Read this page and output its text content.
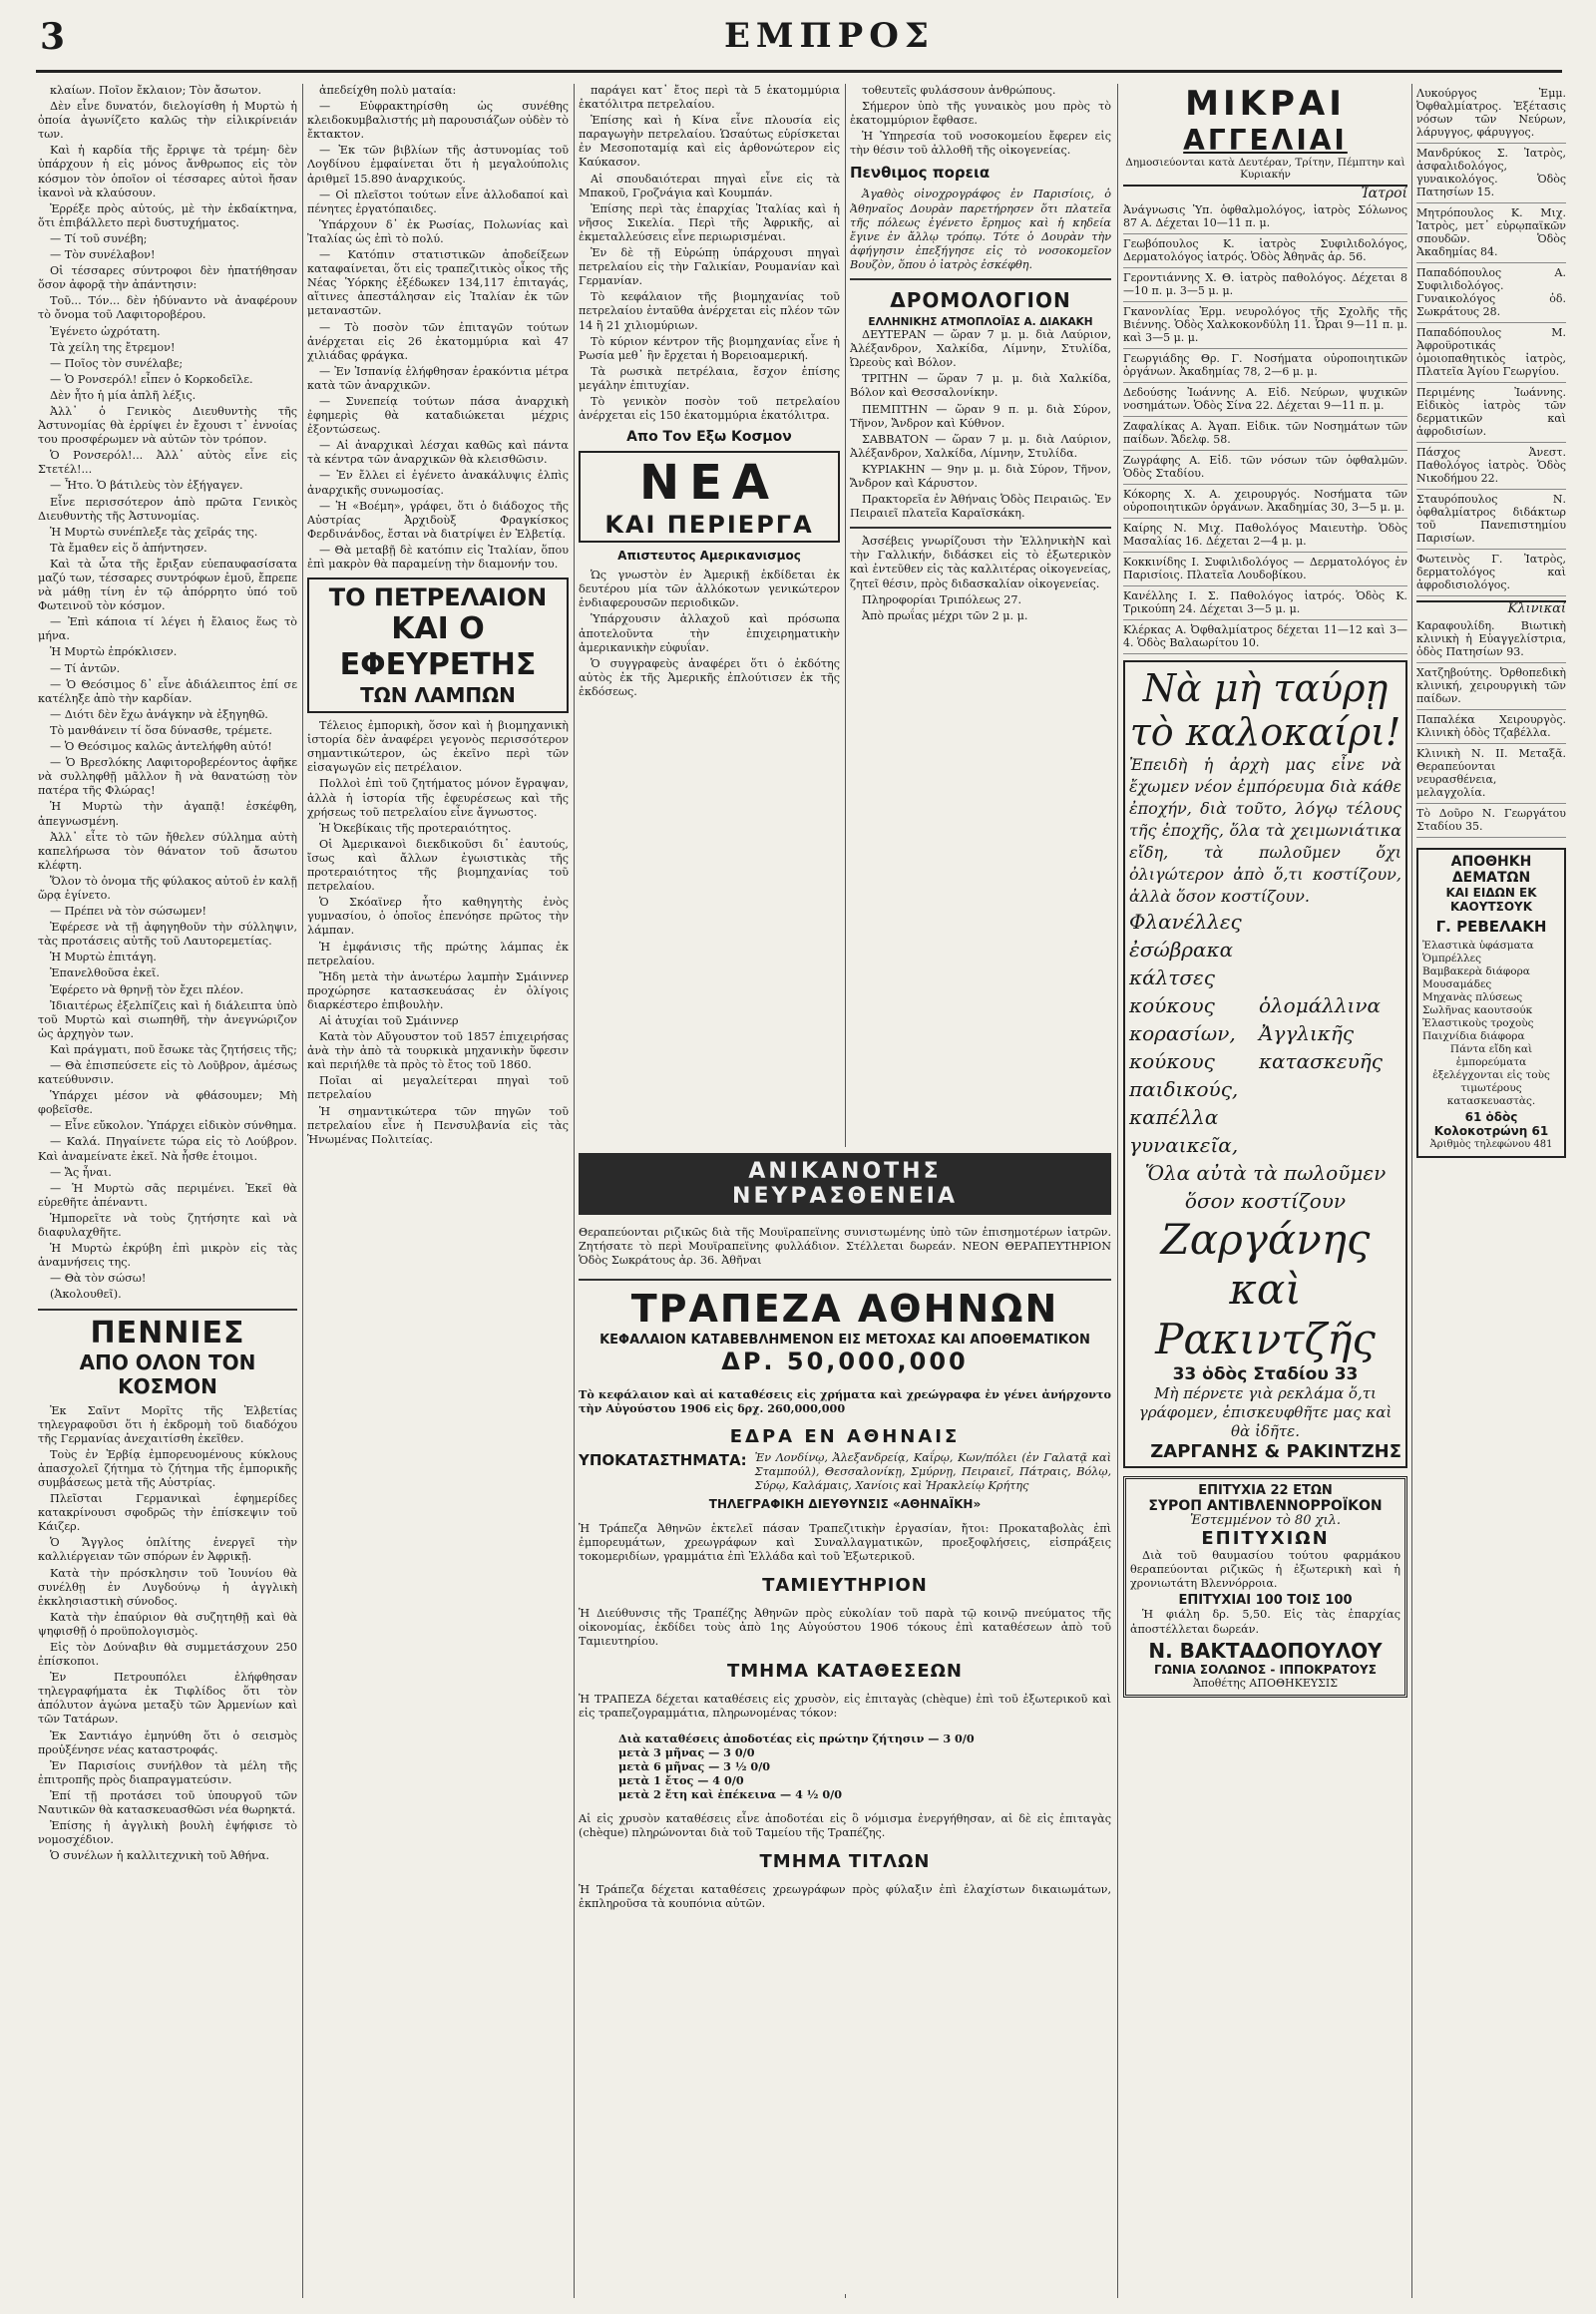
3	ΕΜΠΡΟΣ

κλαίων. Ποῖον ἔκλαιον; Τὸν ἄσωτον.

Δὲν εἶνε δυνατόν, διελογίσθη ἡ Μυρτὼ ἡ ὁποία ἀγωνίζετο καλῶς τὴν εἰλικρίνειάν των.

Καὶ ἡ καρδία τῆς ἔρριψε τὰ τρέμη· δὲν ὑπάρχουν ἡ εἰς μόνος ἄνθρωπος εἰς τὸν κόσμον τὸν ὁποῖον οἱ τέσσαρες αὐτοὶ ἤσαν ἰκανοὶ νὰ κλαύσουν.

Ἐρρέξε πρὸς αὐτούς, μὲ τὴν ἐκδαίκτηνα, ὅτι ἐπιβάλλετο περὶ δυστυχήματος.

— Τί τοῦ συνέβη;

— Τὸν συνέλαβον!

Οἱ τέσσαρες σύντροφοι δὲν ἠπατήθησαν ὅσον ἀφορᾷ τὴν ἀπάντησιν:

Τοῦ... Τόν... δὲν ἠδύναντο νὰ ἀναφέρουν τὸ ὄνομα τοῦ Λαφιτοροβέρου.

Ἐγένετο ὡχρότατη.

Τὰ χείλη της ἔτρεμον!

— Ποῖος τὸν συνέλαβε;

— Ὁ Ρονσερόλ! εἶπεν ὁ Κορκοδεῖλε.

Δὲν ἦτο ἡ μία ἁπλῆ λέξις.

Ἀλλ᾽ ὁ Γενικὸς Διευθυντὴς τῆς Ἀστυνομίας θὰ ἐρρίψει ἐν ἔχουσι τ᾽ ἐννοίας του προσφέρωμεν νὰ αὐτῶν τὸν τρόπον.

Ὁ Ρονσερόλ!... Ἀλλ᾽ αὐτὸς εἶνε εἰς Στετέλ!...

— Ἦτο. Ὁ βάτιλεὺς τὸν ἐξήγαγεν.

Εἶνε περισσότερον ἀπὸ πρῶτα Γενικὸς Διευθυντὴς τῆς Ἀστυνομίας.

Ἡ Μυρτὼ συνέπλεξε τὰς χεῖράς της.

Τὰ ἔμαθεν εἰς ὅ ἀπήντησεν.

Καὶ τὰ ὦτα τῆς ἔριξαν εὐεπαυφασίσατα μαζύ των, τέσσαρες συντρόφων ἐμοῦ, ἔπρεπε νὰ μάθῃ τίνη ἐν τῷ ἀπόρρητο ὑπό τοῦ Φωτεινοῦ τὸν κόσμον.

— Ἐπὶ κάποια τί λέγει ἡ ἔλαιος ἕως τὸ μήνα.

Ἡ Μυρτὼ ἐπρόκλισεν.

— Τί ἀντῶν.

— Ὁ Θεόσιμος δ᾽ εἶνε ἀδιάλειπτος ἐπί σε κατέληξε ἀπὸ τὴν καρδίαν.

— Διότι δὲν ἔχω ἀνάγκην νὰ ἐξηγηθῶ.

Τὸ μανθάνειν τί ὅσα δύνασθε, τρέμετε.

— Ὁ Θεόσιμος καλῶς ἀντελήφθη αὐτό!

— Ὁ Βρεσλόκης Λαφιτοροβερέοντος ἀφῆκε νὰ συλληφθῇ μᾶλλον ἢ νὰ θανατώσῃ τὸν πατέρα τῆς Φλώρας!

Ἡ Μυρτὼ τὴν ἀγαπᾷ! ἐσκέφθη, ἀπεγνωσμένη.

Ἀλλ᾽ εἶτε τὸ τῶν ἤθελεν σύλλημα αὐτὴ καπελήρωσα τὸν θάνατον τοῦ ἄσωτου κλέφτη.

Ὅλον τὸ ὀνομα τῆς φύλακος αὐτοῦ ἐν καλῇ ὥρᾳ ἐγίνετο.

— Πρέπει νὰ τὸν σώσωμεν!

Ἐφέρεσε νὰ τῇ ἀφηγηθοῦν τὴν σύλληψιν, τὰς προτάσεις αὐτῆς τοῦ Λαυτορεμετίας.

Ἡ Μυρτὼ ἐπιτάγη.

Ἐπανελθοῦσα ἐκεῖ.

Ἐφέρετο νὰ θρηνῇ τὸν ἔχει πλέον.

Ἰδιαιτέρως ἐξελπίζεις καὶ ἡ διάλειπτα ὑπὸ τοῦ Μυρτὼ καὶ σιωπηθῆ, τὴν ἀνεγνώριζον ὡς ἀρχηγὸν των.

Καὶ πράγματι, ποῦ ἔσωκε τὰς ζητήσεις τῆς;

— Θὰ ἐπισπεύσετε εἰς τὸ Λοῦβρον, ἀμέσως κατεύθυνσιν.

Ὑπάρχει μέσον νὰ φθάσουμεν; Μὴ φοβεῖσθε.

— Εἶνε εὔκολον. Ὑπάρχει εἰδικὸν σύνθημα.

— Καλά. Πηγαίνετε τώρα εἰς τὸ Λούβρον. Καὶ ἀναμείνατε ἐκεῖ. Νὰ ἦσθε ἑτοιμοι.

— Ἄς ἦναι.

— Ἡ Μυρτὼ σᾶς περιμένει. Ἐκεῖ θὰ εὑρεθῆτε ἀπέναντι.

Ἡμπορεῖτε νὰ τοὺς ζητήσητε καὶ νὰ διαφυλαχθῆτε.

Ἡ Μυρτὼ ἐκρύβη ἐπὶ μικρὸν εἰς τὰς ἀναμνήσεις της.

— Θὰ τὸν σώσω!

(Ἀκολουθεῖ).

ΠΕΝΝΙΕΣ
ΑΠΟ ΟΛΟΝ ΤΟΝ ΚΟΣΜΟΝ

Ἐκ Σαῖντ Μορῖτς τῆς Ἐλβετίας τηλεγραφοῦσι ὅτι ἡ ἐκδρομὴ τοῦ διαδόχου τῆς Γερμανίας ἀνεχαιτίσθη ἐκεῖθεν.

Τοὺς ἐν Ἑρβίᾳ ἐμπορευομένους κύκλους ἀπασχολεῖ ζήτημα τὸ ζήτημα τῆς ἐμπορικῆς συμβάσεως μετὰ τῆς Αὐστρίας.

Πλεῖσται Γερμανικαὶ ἐφημερίδες κατακρίνουσι σφοδρῶς τὴν ἐπίσκεψιν τοῦ Κάιζερ.

Ὁ Ἄγγλος ὁπλίτης ἐνεργεῖ τὴν καλλιέργειαν τῶν σπόρων ἐν Ἀφρικῇ.

Κατὰ τὴν πρόσκλησιν τοῦ Ἰουνίου θὰ συνέλθῃ ἐν Λυγδούνῳ ἡ ἀγγλικὴ ἐκκλησιαστικὴ σύνοδος.

Κατὰ τὴν ἐπαύριον θὰ συζητηθῇ καὶ θὰ ψηφισθῇ ὁ προϋπολογισμὸς.

Εἰς τὸν Δούναβιν θὰ συμμετάσχουν 250 ἐπίσκοποι.

Ἐν Πετρουπόλει ἐλήφθησαν τηλεγραφήματα ἐκ Τιφλίδος ὅτι τὸν ἀπόλυτον ἀγώνα μεταξὺ τῶν Ἀρμενίων καὶ τῶν Τατάρων.

Ἐκ Σαντιάγο ἐμηνύθη ὅτι ὁ σεισμὸς προὐξένησε νέας καταστροφάς.

Ἐν Παρισίοις συνήλθον τὰ μέλη τῆς ἐπιτροπῆς πρὸς διαπραγματεύσιν.

Ἐπί τῇ προτάσει τοῦ ὑπουργοῦ τῶν Ναυτικῶν θὰ κατασκευασθῶσι νέα θωρηκτά.

Ἐπίσης ἡ ἀγγλικὴ βουλὴ ἐψήφισε τὸ νομοσχέδιον.

Ὁ συνέλων ἡ καλλιτεχνικὴ τοῦ Ἀθήνα.

ἀπεδείχθη πολὺ ματαία:

— Εὐφρακτηρίσθη ὡς συνέθης κλειδοκυμβαλιστής μὴ παρουσιάζων οὐδὲν τὸ ἔκτακτον.

— Ἐκ τῶν βιβλίων τῆς ἀστυνομίας τοῦ Λογδίνου ἐμφαίνεται ὅτι ἡ μεγαλούπολις ἀριθμεῖ 15.890 ἀναρχικούς.

— Οἱ πλεῖστοι τούτων εἶνε ἀλλοδαποί καὶ πένητες ἐργατόπαιδες.

Ὑπάρχουν δ᾽ ἐκ Ρωσίας, Πολωνίας καὶ Ἰταλίας ὡς ἐπὶ τὸ πολύ.

— Κατόπιν στατιστικῶν ἀποδείξεων καταφαίνεται, ὅτι εἰς τραπεζιτικὸς οἶκος τῆς Νέας Ὑόρκης ἐξέδωκεν 134,117 ἐπιταγάς, αἵτινες ἀπεστάλησαν εἰς Ἰταλίαν ἐκ τῶν μεταναστῶν.

— Τὸ ποσὸν τῶν ἐπιταγῶν τούτων ἀνέρχεται εἰς 26 ἑκατομμύρια καὶ 47 χιλιάδας φράγκα.

— Ἐν Ἱσπανίᾳ ἐλήφθησαν ἐρακόντια μέτρα κατὰ τῶν ἀναρχικῶν.

— Συνεπείᾳ τούτων πάσα ἀναρχικὴ ἐφημερὶς θὰ καταδιώκεται μέχρις ἐξοντώσεως.

— Αἱ ἀναρχικαὶ λέσχαι καθῶς καὶ πάντα τὰ κέντρα τῶν ἀναρχικῶν θὰ κλεισθῶσιν.

— Ἐν ἔλλει εἰ ἐγένετο ἀνακάλυψις ἐλπὶς ἀναρχικῆς συνωμοσίας.

— Ἡ «Βοέμη», γράφει, ὅτι ὁ διάδοχος τῆς Αὐστρίας Ἀρχιδοὺξ Φραγκίσκος Φερδινάνδος, ἔσται νὰ διατρίψει ἐν Ἑλβετίᾳ.

— Θὰ μεταβῇ δὲ κατόπιν εἰς Ἰταλίαν, ὅπου ἐπὶ μακρὸν θὰ παραμείνῃ τὴν διαμονήν του.

ΤΟ ΠΕΤΡΕΛΑΙΟΝ
ΚΑΙ Ο ΕΦΕΥΡΕΤΗΣ
ΤΩΝ ΛΑΜΠΩΝ

Τέλειος ἐμπορικὴ, ὅσον καὶ ἡ βιομηχανικὴ ἱστορία δὲν ἀναφέρει γεγονὸς περισσότερον σημαντικώτερον, ὡς ἐκεῖνο περὶ τῶν εἰσαγωγῶν εἰς πετρέλαιον.

Πολλοὶ ἐπὶ τοῦ ζητήματος μόνον ἔγραψαν, ἀλλὰ ἡ ἱστορία τῆς ἐφευρέσεως καὶ τῆς χρήσεως τοῦ πετρελαίου εἶνε ἄγνωστος.

Ἡ Ὀκεβίκαις τῆς προτεραιότητος.

Οἱ Ἀμερικανοὶ διεκδικοῦσι δι᾽ ἑαυτούς, ἴσως καὶ ἄλλων ἐγωιστικὰς τῆς προτεραιότητος τῆς βιομηχανίας τοῦ πετρελαίου.

Ὁ Σκόαϊνερ ἦτο καθηγητὴς ἐνὸς γυμνασίου, ὁ ὁποῖος ἐπενόησε πρῶτος τὴν λάμπαν.

Ἡ ἐμφάνισις τῆς πρώτης λάμπας ἐκ πετρελαίου.

Ἤδη μετὰ τὴν ἀνωτέρω λαμπὴν Σμάιννερ προχώρησε κατασκευάσας ἐν ὀλίγοις διαρκέστερο ἐπιβουλὴν.

Αἱ ἀτυχίαι τοῦ Σμάιννερ

Κατὰ τὸν Αὔγουστον τοῦ 1857 ἐπιχειρήσας ἀνὰ τὴν ἀπὸ τὰ τουρκικὰ μηχανικὴν ὕφεσιν καὶ περιήλθε τὰ πρὸς τὸ ἔτος τοῦ 1860.

Ποῖαι αἱ μεγαλείτεραι πηγαὶ τοῦ πετρελαίου

Ἡ σημαντικώτερα τῶν πηγῶν τοῦ πετρελαίου εἶνε ἡ Πενσυλβανία εἰς τὰς Ἡνωμένας Πολιτείας.

παράγει κατ᾽ ἔτος περὶ τὰ 5 ἑκατομμύρια ἑκατόλιτρα πετρελαίου.

Ἐπίσης καὶ ἡ Κίνα εἶνε πλουσία εἰς παραγωγὴν πετρελαίου. Ὡσαύτως εὑρίσκεται ἐν Μεσοποταμίᾳ καὶ εἰς ἀρθονώτερον εἰς Καύκασον.

Αἱ σπουδαιότεραι πηγαὶ εἶνε εἰς τὰ Μπακοῦ, Γροζνάγια καὶ Κουμπάν.

Ἐπίσης περὶ τὰς ἐπαρχίας Ἰταλίας καὶ ἡ νῆσος Σικελία. Περὶ τῆς Ἀφρικῆς, αἱ ἐκμεταλλεύσεις εἶνε περιωρισμέναι.

Ἐν δὲ τῇ Εὐρώπῃ ὑπάρχουσι πηγαὶ πετρελαίου εἰς τὴν Γαλικίαν, Ρουμανίαν καὶ Γερμανίαν.

Τὸ κεφάλαιον τῆς βιομηχανίας τοῦ πετρελαίου ἐνταῦθα ἀνέρχεται εἰς πλέον τῶν 14 ἢ 21 χιλιομύριων.

Τὸ κύριον κέντρον τῆς βιομηχανίας εἶνε ἡ Ρωσία μεθ᾽ ἣν ἔρχεται ἡ Βορειοαμερική.

Τὰ ρωσικὰ πετρέλαια, ἔσχον ἐπίσης μεγάλην ἐπιτυχίαν.

Τὸ γενικὸν ποσὸν τοῦ πετρελαίου ἀνέρχεται εἰς 150 ἑκατομμύρια ἑκατόλιτρα.

Απο Τον Εξω Κοσμον
ΝΕΑ
ΚΑΙ ΠΕΡΙΕΡΓΑ
Απιστευτος Αμερικανισμος

Ὡς γνωστὸν ἐν Ἀμερικῇ ἐκδίδεται ἐκ δευτέρου μία τῶν ἀλλόκοτων γενικώτερον ἐνδιαφερουσῶν περιοδικῶν.

Ὑπάρχουσιν ἀλλαχοῦ καὶ πρόσωπα ἀποτελοῦντα τὴν ἐπιχειρηματικὴν ἀμερικανικὴν εὐφυΐαν.

Ὁ συγγραφεὺς ἀναφέρει ὅτι ὁ ἐκδότης αὐτὸς ἐκ τῆς Ἀμερικῆς ἐπλούτισεν ἐκ τῆς ἐκδόσεως.

τοθευτεῖς φυλάσσουν ἀνθρώπους.

Σήμερον ὑπὸ τῆς γυναικὸς μου πρὸς τὸ ἑκατομμύριον ἔφθασε.

Ἡ Ὑπηρεσία τοῦ νοσοκομείου ἔφερεν εἰς τὴν θέσιν τοῦ ἀλλοθῆ τῆς οἰκογενείας.

Πενθιμος πορεια

Ἀγαθὸς οἰνοχρογράφος ἐν Παρισίοις, ὁ Ἀθηναῖος Δουρὰν παρετήρησεν ὅτι πλατεῖα τῆς πόλεως ἐγένετο ἔρημος καὶ ἡ κηδεία ἔγινε ἐν ἄλλῳ τρόπῳ. Τότε ὁ Δουρὰν τὴν ἀφήγησιν ἐπεξήγησε εἰς τὸ νοσοκομεῖον Βουζὸν, ὅπου ὁ ἰατρὸς ἐσκέφθη.

ΔΡΟΜΟΛΟΓΙΟΝ
ΕΛΛΗΝΙΚΗΣ ΑΤΜΟΠΛΟΪΑΣ Α. ΔΙΑΚΑΚΗ

ΔΕΥΤΕΡΑΝ — ὥραν 7 μ. μ. διὰ Λαύριον, Ἀλέξανδρον, Χαλκίδα, Λίμνην, Στυλίδα, Ὠρεοὺς καὶ Βόλον.

ΤΡΙΤΗΝ — ὥραν 7 μ. μ. διὰ Χαλκίδα, Βόλον καὶ Θεσσαλονίκην.

ΠΕΜΠΤΗΝ — ὥραν 9 π. μ. διὰ Σύρον, Τῆνον, Ἄνδρον καὶ Κύθνον.

ΣΑΒΒΑΤΟΝ — ὥραν 7 μ. μ. διὰ Λαύριον, Ἀλέξανδρον, Χαλκίδα, Λίμνην, Στυλίδα.

ΚΥΡΙΑΚΗΝ — 9ην μ. μ. διὰ Σύρον, Τῆνον, Ἄνδρον καὶ Κάρυστον.

Πρακτορεῖα ἐν Ἀθήναις Ὁδὸς Πειραιῶς. Ἐν Πειραιεῖ πλατεῖα Καραϊσκάκη.

Ἀσσέβεις γνωρίζουσι τὴν ἙλληνικὴΝ καὶ τὴν Γαλλικήν, διδάσκει εἰς τὸ ἐξωτερικὸν καὶ ἐντεῦθεν εἰς τὰς καλλιτέρας οἰκογενείας, ζητεῖ θέσιν, πρὸς διδασκαλίαν οἰκογενείας.

Πληροφορίαι Τριπόλεως 27.

Ἀπὸ πρωΐας μέχρι τῶν 2 μ. μ.

ΑΝΙΚΑΝΟΤΗΣ
ΝΕΥΡΑΣΘΕΝΕΙΑ

Θεραπεύονται ριζικῶς διὰ τῆς Μουϊραπεϊνης συνιστωμένης ὑπὸ τῶν ἐπισημοτέρων ἰατρῶν. Ζητήσατε τὸ περὶ Μουϊραπεϊνης φυλλάδιον. Στέλλεται δωρεάν. ΝΕΟΝ ΘΕΡΑΠΕΥΤΗΡΙΟΝ Ὁδὸς Σωκράτους ἀρ. 36. Ἀθῆναι

ΤΡΑΠΕΖΑ ΑΘΗΝΩΝ
ΚΕΦΑΛΑΙΟΝ ΚΑΤΑΒΕΒΛΗΜΕΝΟΝ ΕΙΣ ΜΕΤΟΧΑΣ ΚΑΙ ΑΠΟΘΕΜΑΤΙΚΟΝ
ΔΡ. 50,000,000

Τὸ κεφάλαιον καὶ αἱ καταθέσεις εἰς χρήματα καὶ χρεώγραφα ἐν γένει ἀνήρχοντο τὴν Αὐγούστου 1906 εἰς δρχ. 260,000,000

ΕΔΡΑ ΕΝ ΑΘΗΝΑΙΣ
ΥΠΟΚΑΤΑΣΤΗΜΑΤΑ: Ἐν Λονδίνῳ, Ἀλεξανδρείᾳ, Καΐρῳ, Κων/πόλει (ἐν Γαλατᾷ καὶ Σταμπούλ), Θεσσαλονίκῃ, Σμύρνῃ, Πειραιεῖ, Πάτραις, Βόλῳ, Σύρῳ, Καλάμαις, Χανίοις καὶ Ἡρακλείῳ Κρήτης
ΤΗΛΕΓΡΑΦΙΚΗ ΔΙΕΥΘΥΝΣΙΣ «ΑΘΗΝΑΪΚΗ»

Ἡ Τράπεζα Ἀθηνῶν ἐκτελεῖ πάσαν Τραπεζιτικὴν ἐργασίαν, ἤτοι: Προκαταβολὰς ἐπὶ ἐμπορευμάτων, χρεωγράφων καὶ Συναλλαγματικῶν, προεξοφλήσεις, εἰσπράξεις τοκομεριδίων, γραμμάτια ἐπὶ Ἑλλάδα καὶ τοῦ Ἐξωτερικοῦ.

ΤΑΜΙΕΥΤΗΡΙΟΝ

Ἡ Διεύθυνσις τῆς Τραπέζης Ἀθηνῶν πρὸς εὐκολίαν τοῦ παρὰ τῷ κοινῷ πνεύματος τῆς οἰκονομίας, ἐκδίδει τοὺς ἀπὸ 1ης Αὐγούστου 1906 τόκους ἐπὶ καταθέσεων ἀπὸ τοῦ Ταμιευτηρίου.

ΤΜΗΜΑ ΚΑΤΑΘΕΣΕΩΝ

Ἡ ΤΡΑΠΕΖΑ δέχεται καταθέσεις εἰς χρυσὸν, εἰς ἐπιταγὰς (chèque) ἐπὶ τοῦ ἐξωτερικοῦ καὶ εἰς τραπεζογραμμάτια, πληρωνομένας τόκον:

Διὰ καταθέσεις ἀποδοτέας εἰς πρώτην ζήτησιν — 3 0/0
μετὰ 3 μῆνας — 3 0/0
μετὰ 6 μῆνας — 3 ½ 0/0
μετὰ 1 ἔτος — 4 0/0
μετὰ 2 ἔτη καὶ ἐπέκεινα — 4 ½ 0/0

Αἱ εἰς χρυσὸν καταθέσεις εἶνε ἀποδοτέαι εἰς ὃ νόμισμα ἐνεργήθησαν, αἱ δὲ εἰς ἐπιταγὰς (chèque) πληρώνονται διὰ τοῦ Ταμείου τῆς Τραπέζης.

ΤΜΗΜΑ ΤΙΤΛΩΝ

Ἡ Τράπεζα δέχεται καταθέσεις χρεωγράφων πρὸς φύλαξιν ἐπὶ ἐλαχίστων δικαιωμάτων, ἐκπληροῦσα τὰ κουπόνια αὐτῶν.

ΜΙΚΡΑΙ
ΑΓΓΕΛΙΑΙ
Δημοσιεύονται κατὰ Δευτέραν, Τρίτην, Πέμπτην καὶ Κυριακήν
Ἰατροί
Ἀνάγνωσις Ὑπ. ὀφθαλμολόγος, ἰατρὸς Σόλωνος 87 Α. Δέχεται 10—11 π. μ.
Γεωβόπουλος Κ. ἰατρὸς Συφιλιδολόγος, Δερματολόγος ἰατρός. Ὁδὸς Ἀθηνᾶς ἀρ. 56.
Γεροντιάννης Χ. Θ. ἰατρὸς παθολόγος. Δέχεται 8—10 π. μ. 3—5 μ. μ.
Γκανονλίας Ἑρμ. νευρολόγος τῆς Σχολῆς τῆς Βιέννης. Ὁδὸς Χαλκοκονδύλη 11. Ὧραι 9—11 π. μ. καὶ 3—5 μ. μ.
Γεωργιάδης Θρ. Γ. Νοσήματα οὐροποιητικῶν ὀργάνων. Ἀκαδημίας 78, 2—6 μ. μ.
Δεδούσης Ἰωάννης Α. Εἰδ. Νεύρων, ψυχικῶν νοσημάτων. Ὁδὸς Σίνα 22. Δέχεται 9—11 π. μ.
Ζαφαλίκας Α. Ἀγαπ. Εἰδικ. τῶν Νοσημάτων τῶν παίδων. Ἄδελφ. 58.
Ζωγράφης Α. Εἰδ. τῶν νόσων τῶν ὀφθαλμῶν. Ὁδὸς Σταδίου.
Κόκορης Χ. Α. χειρουργός. Νοσήματα τῶν οὐροποιητικῶν ὀργάνων. Ἀκαδημίας 30, 3—5 μ. μ.
Καίρης Ν. Μιχ. Παθολόγος Μαιευτὴρ. Ὁδὸς Μασαλίας 16. Δέχεται 2—4 μ. μ.
Κοκκινίδης Ι. Συφιλιδολόγος — Δερματολόγος ἐν Παρισίοις. Πλατεῖα Λουδοβίκου.
Κανέλλης Ι. Σ. Παθολόγος ἰατρός. Ὁδὸς Κ. Τρικούπη 24. Δέχεται 3—5 μ. μ.
Κλέρκας Α. Ὀφθαλμίατρος δέχεται 11—12 καὶ 3—4. Ὁδὸς Βαλαωρίτου 10.
Νὰ μὴ ταύρῃ τὸ καλοκαίρι!
Ἐπειδὴ ἡ ἀρχὴ μας εἶνε νὰ ἔχωμεν νέον ἐμπόρευμα διὰ κάθε ἐποχήν, διὰ τοῦτο, λόγῳ τέλους τῆς ἐποχῆς, ὅλα τὰ χειμωνιάτικα εἴδη, τὰ πωλοῦμεν ὄχι ὀλιγώτερον ἀπὸ ὅ,τι κοστίζουν, ἀλλὰ ὅσον κοστίζουν.
Φλανέλλες
ἐσώβρακα
κάλτσες
κούκους κορασίων,
κούκους παιδικούς,
καπέλλα γυναικεῖα,
ὁλομάλλινα
Ἀγγλικῆς κατασκευῆς
Ὅλα αὐτὰ τὰ πωλοῦμεν ὅσον κοστίζουν
Ζαργάνης καὶ Ρακιντζῆς
33 ὁδὸς Σταδίου 33
Μὴ πέρνετε γιὰ ρεκλάμα ὅ,τι γράφομεν, ἐπισκευφθῆτε μας καὶ θὰ ἰδῆτε.
ΖΑΡΓΑΝΗΣ & ΡΑΚΙΝΤΖΗΣ
ΕΠΙΤΥΧΙΑ 22 ΕΤΩΝ
ΣΥΡΟΠ ΑΝΤΙΒΛΕΝΝΟΡΡΟΪΚΟΝ
Ἐστεμμένον τὸ 80 χιλ.
ΕΠΙΤΥΧΙΩΝ

Διὰ τοῦ θαυμασίου τούτου φαρμάκου θεραπεύονται ριζικῶς ἡ ἐξωτερικὴ καὶ ἡ χρονιωτάτη Βλεννόρροια.

ΕΠΙΤΥΧΙΑΙ 100 ΤΟΙΣ 100

Ἡ φιάλη δρ. 5,50. Εἰς τὰς ἐπαρχίας ἀποστέλλεται δωρεάν.

Ν. ΒΑΚΤΑΔΟΠΟΥΛΟΥ
ΓΩΝΙΑ ΣΟΛΩΝΟΣ - ΙΠΠΟΚΡΑΤΟΥΣ
Ἀποθέτης ΑΠΟΘΗΚΕΥΣΙΣ
Λυκούργος Ἐμμ. Ὀφθαλμίατρος. Ἐξέτασις νόσων τῶν Νεύρων, λάρυγγος, φάρυγγος.
Μανδρύκος Σ. Ἰατρὸς, ἀσφαλιδολόγος, γυναικολόγος. Ὁδὸς Πατησίων 15.
Μητρόπουλος Κ. Μιχ. Ἰατρὸς, μετ᾽ εὐρῳπαϊκῶν σπουδῶν. Ὁδὸς Ἀκαδημίας 84.
Παπαδόπουλος Α. Συφιλιδολόγος. Γυναικολόγος ὁδ. Σωκράτους 28.
Παπαδόπουλος Μ. Ἀφροϋροτικάς ὁμοιοπαθητικὸς ἰατρὸς, Πλατεῖα Ἁγίου Γεωργίου.
Περιμένης Ἰωάννης. Εἰδικὸς ἰατρὸς τῶν δερματικῶν καὶ ἀφροδισίων.
Πάσχος Ἀνεστ. Παθολόγος ἰατρὸς. Ὁδὸς Νικοδήμου 22.
Σταυρόπουλος Ν. ὀφθαλμίατρος διδάκτωρ τοῦ Πανεπιστημίου Παρισίων.
Φωτεινὸς Γ. Ἰατρὸς, δερματολόγος καὶ ἀφροδισιολόγος.
Κλινικαί
Καραφουλίδη. Βιωτικὴ κλινικὴ ἡ Εὐαγγελίστρια, ὁδὸς Πατησίων 93.
Χατζηβούτης. Ὀρθοπεδικὴ κλινική, χειρουργικὴ τῶν παίδων.
Παπαλέκα Χειρουργὸς. Κλινικὴ ὁδὸς Τζαβέλλα.
Κλινικὴ Ν. ΙΙ. Μεταξᾶ. Θεραπεύονται νευρασθένεια, μελαγχολία.
Τὸ Δοῦρο Ν. Γεωργάτου Σταδίου 35.
ΑΠΟΘΗΚΗ ΔΕΜΑΤΩΝ
ΚΑΙ ΕΙΔΩΝ ΕΚ ΚΑΟΥΤΣΟΥΚ
Γ. ΡΕΒΕΛΑΚΗ
Ἐλαστικὰ ὑφάσματα
Ὁμπρέλλες
Βαμβακερὰ διάφορα
Μουσαμάδες
Μηχανὰς πλύσεως
Σωλῆνας καουτσούκ
Ἐλαστικοὺς τροχοὺς
Παιχνίδια διάφορα

Πάντα εἴδη καὶ ἐμπορεύματα ἐξελέγχονται εἰς τοὺς τιμωτέρους κατασκευαστὰς.

61 ὁδὸς Κολοκοτρώνη 61
Ἀριθμὸς τηλεφώνου 481
